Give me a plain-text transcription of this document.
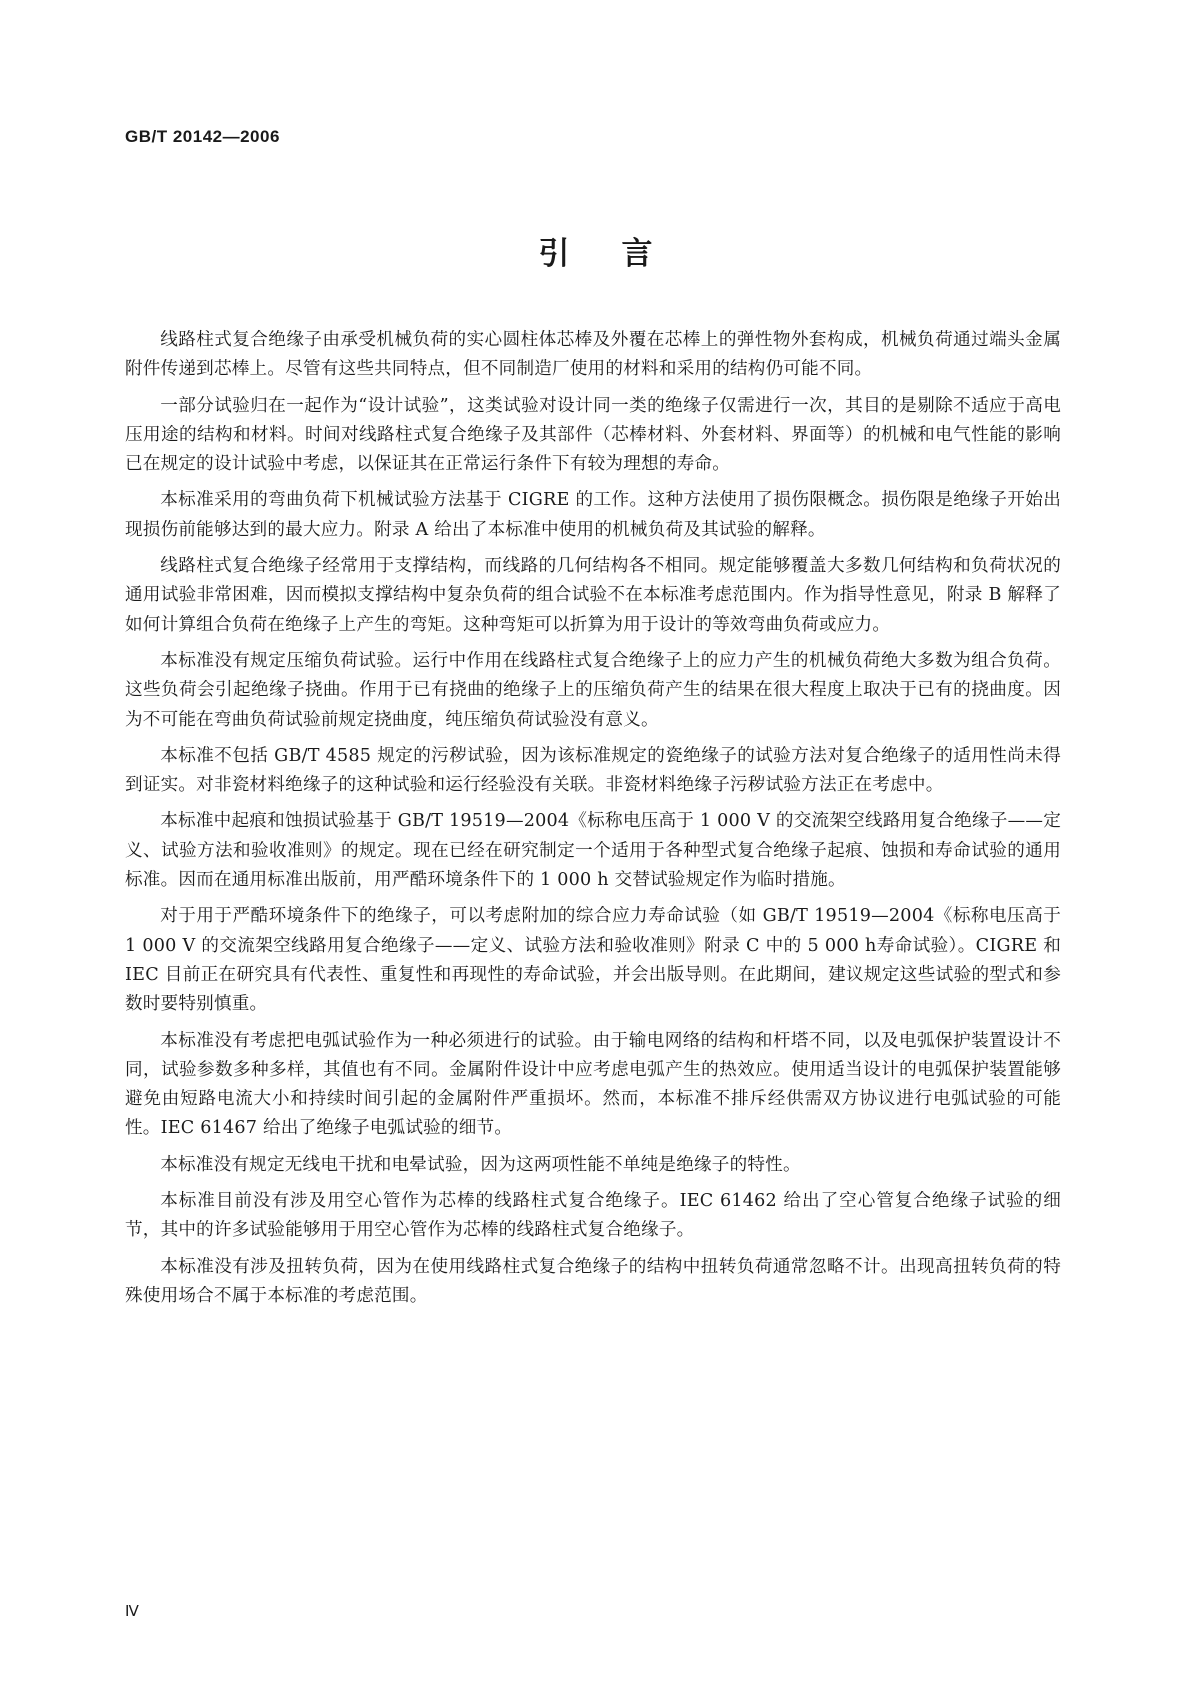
GB/T 20142—2006
引言

线路柱式复合绝缘子由承受机械负荷的实心圆柱体芯棒及外覆在芯棒上的弹性物外套构成，机械负荷通过端头金属附件传递到芯棒上。尽管有这些共同特点，但不同制造厂使用的材料和采用的结构仍可能不同。

一部分试验归在一起作为“设计试验”，这类试验对设计同一类的绝缘子仅需进行一次，其目的是剔除不适应于高电压用途的结构和材料。时间对线路柱式复合绝缘子及其部件（芯棒材料、外套材料、界面等）的机械和电气性能的影响已在规定的设计试验中考虑，以保证其在正常运行条件下有较为理想的寿命。

本标准采用的弯曲负荷下机械试验方法基于 CIGRE 的工作。这种方法使用了损伤限概念。损伤限是绝缘子开始出现损伤前能够达到的最大应力。附录 A 给出了本标准中使用的机械负荷及其试验的解释。

线路柱式复合绝缘子经常用于支撑结构，而线路的几何结构各不相同。规定能够覆盖大多数几何结构和负荷状况的通用试验非常困难，因而模拟支撑结构中复杂负荷的组合试验不在本标准考虑范围内。作为指导性意见，附录 B 解释了如何计算组合负荷在绝缘子上产生的弯矩。这种弯矩可以折算为用于设计的等效弯曲负荷或应力。

本标准没有规定压缩负荷试验。运行中作用在线路柱式复合绝缘子上的应力产生的机械负荷绝大多数为组合负荷。这些负荷会引起绝缘子挠曲。作用于已有挠曲的绝缘子上的压缩负荷产生的结果在很大程度上取决于已有的挠曲度。因为不可能在弯曲负荷试验前规定挠曲度，纯压缩负荷试验没有意义。

本标准不包括 GB/T 4585 规定的污秽试验，因为该标准规定的瓷绝缘子的试验方法对复合绝缘子的适用性尚未得到证实。对非瓷材料绝缘子的这种试验和运行经验没有关联。非瓷材料绝缘子污秽试验方法正在考虑中。

本标准中起痕和蚀损试验基于 GB/T 19519—2004《标称电压高于 1 000 V 的交流架空线路用复合绝缘子——定义、试验方法和验收准则》的规定。现在已经在研究制定一个适用于各种型式复合绝缘子起痕、蚀损和寿命试验的通用标准。因而在通用标准出版前，用严酷环境条件下的 1 000 h 交替试验规定作为临时措施。

对于用于严酷环境条件下的绝缘子，可以考虑附加的综合应力寿命试验（如 GB/T 19519—2004《标称电压高于 1 000 V 的交流架空线路用复合绝缘子——定义、试验方法和验收准则》附录 C 中的 5 000 h寿命试验）。CIGRE 和 IEC 目前正在研究具有代表性、重复性和再现性的寿命试验，并会出版导则。在此期间，建议规定这些试验的型式和参数时要特别慎重。

本标准没有考虑把电弧试验作为一种必须进行的试验。由于输电网络的结构和杆塔不同，以及电弧保护装置设计不同，试验参数多种多样，其值也有不同。金属附件设计中应考虑电弧产生的热效应。使用适当设计的电弧保护装置能够避免由短路电流大小和持续时间引起的金属附件严重损坏。然而，本标准不排斥经供需双方协议进行电弧试验的可能性。IEC 61467 给出了绝缘子电弧试验的细节。

本标准没有规定无线电干扰和电晕试验，因为这两项性能不单纯是绝缘子的特性。

本标准目前没有涉及用空心管作为芯棒的线路柱式复合绝缘子。IEC 61462 给出了空心管复合绝缘子试验的细节，其中的许多试验能够用于用空心管作为芯棒的线路柱式复合绝缘子。

本标准没有涉及扭转负荷，因为在使用线路柱式复合绝缘子的结构中扭转负荷通常忽略不计。出现高扭转负荷的特殊使用场合不属于本标准的考虑范围。

Ⅳ
